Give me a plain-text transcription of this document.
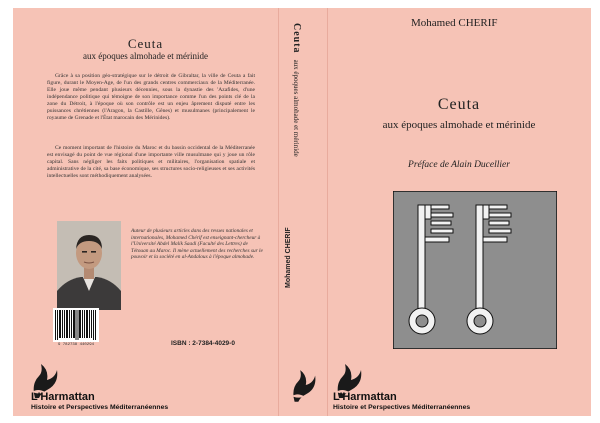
Ceuta
aux époques almohade et mérinide

Grâce à sa position géo-stratégique sur le détroit de Gibraltar, la ville de Ceuta a fait figure, durant le Moyen-Age, de l'un des grands centres commerciaux de la Méditerranée. Elle joue même pendant plusieurs décennies, sous la dynastie des 'Azafides, d'une indépendance politique qui témoigne de son importance comme l'un des points clé de la zone du Détroit, à l'époque où son contrôle est un enjeu âprement disputé entre les puissances chrétiennes (l'Aragon, la Castille, Gênes) et musulmanes (principalement le royaume de Grenade et l'État marocain des Mérinides).

Ce moment important de l'histoire du Maroc et du bassin occidental de la Méditerranée est envisagé du point de vue régional d'une importante ville musulmane qui y joue un rôle capital. Sans négliger les faits politiques et militaires, l'organisation spatiale et administrative de la cité, sa base économique, ses structures socio-religieuses et ses activités intellectuelles sont méthodiquement analysées.

Auteur de plusieurs articles dans des revues nationales et internationales, Mohamed Chérif est enseignant-chercheur à l'Université Abdel Malik Saadi (Faculté des Lettres) de Tétouan au Maroc. Il mène actuellement des recherches sur le pouvoir et la société en al-Andalous à l'époque almohade.

9 782738 440294	ISBN : 2-7384-4029-0
L'Harmattan
Histoire et Perspectives Méditerranéennes
Ceutaaux époques almohade et mérinide
Mohamed CHERIF
Mohamed CHERIF
Ceuta
aux époques almohade et mérinide
Préface de Alain Ducellier
L'Harmattan
Histoire et Perspectives Méditerranéennes
